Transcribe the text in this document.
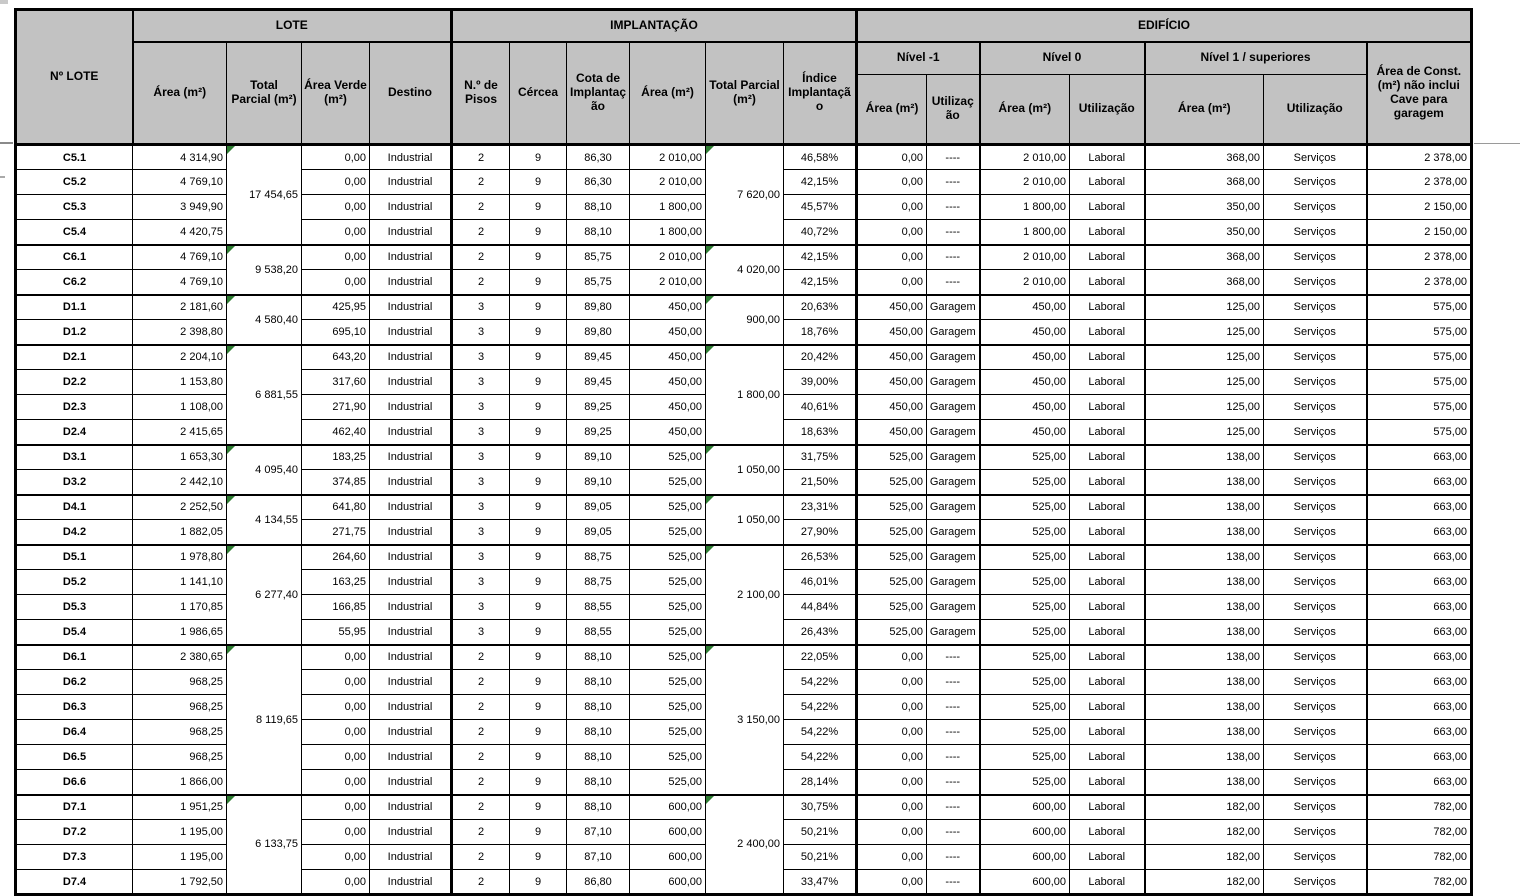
Nº LOTE	LOTE				IMPLANTAÇÃO						EDIFÍCIO						
	Área (m²)	Total Parcial (m²)	Área Verde (m²)	Destino	N.º de Pisos	Cércea	Cota de Implantação	Área (m²)	Total Parcial (m²)	Índice Implantação	Nível -1		Nível 0		Nível 1 / superiores		Área de Const. (m²) não inclui Cave para garagem
											Área (m²)	Utilização	Área (m²)	Utilização	Área (m²)	Utilização	
C5.1	4 314,90	17 454,65	0,00	Industrial	2	9	86,30	2 010,00	7 620,00	46,58%	0,00	----	2 010,00	Laboral	368,00	Serviços	2 378,00
C5.2	4 769,10		0,00	Industrial	2	9	86,30	2 010,00		42,15%	0,00	----	2 010,00	Laboral	368,00	Serviços	2 378,00
C5.3	3 949,90		0,00	Industrial	2	9	88,10	1 800,00		45,57%	0,00	----	1 800,00	Laboral	350,00	Serviços	2 150,00
C5.4	4 420,75		0,00	Industrial	2	9	88,10	1 800,00		40,72%	0,00	----	1 800,00	Laboral	350,00	Serviços	2 150,00
C6.1	4 769,10	9 538,20	0,00	Industrial	2	9	85,75	2 010,00	4 020,00	42,15%	0,00	----	2 010,00	Laboral	368,00	Serviços	2 378,00
C6.2	4 769,10		0,00	Industrial	2	9	85,75	2 010,00		42,15%	0,00	----	2 010,00	Laboral	368,00	Serviços	2 378,00
D1.1	2 181,60	4 580,40	425,95	Industrial	3	9	89,80	450,00	900,00	20,63%	450,00	Garagem	450,00	Laboral	125,00	Serviços	575,00
D1.2	2 398,80		695,10	Industrial	3	9	89,80	450,00		18,76%	450,00	Garagem	450,00	Laboral	125,00	Serviços	575,00
D2.1	2 204,10	6 881,55	643,20	Industrial	3	9	89,45	450,00	1 800,00	20,42%	450,00	Garagem	450,00	Laboral	125,00	Serviços	575,00
D2.2	1 153,80		317,60	Industrial	3	9	89,45	450,00		39,00%	450,00	Garagem	450,00	Laboral	125,00	Serviços	575,00
D2.3	1 108,00		271,90	Industrial	3	9	89,25	450,00		40,61%	450,00	Garagem	450,00	Laboral	125,00	Serviços	575,00
D2.4	2 415,65		462,40	Industrial	3	9	89,25	450,00		18,63%	450,00	Garagem	450,00	Laboral	125,00	Serviços	575,00
D3.1	1 653,30	4 095,40	183,25	Industrial	3	9	89,10	525,00	1 050,00	31,75%	525,00	Garagem	525,00	Laboral	138,00	Serviços	663,00
D3.2	2 442,10		374,85	Industrial	3	9	89,10	525,00		21,50%	525,00	Garagem	525,00	Laboral	138,00	Serviços	663,00
D4.1	2 252,50	4 134,55	641,80	Industrial	3	9	89,05	525,00	1 050,00	23,31%	525,00	Garagem	525,00	Laboral	138,00	Serviços	663,00
D4.2	1 882,05		271,75	Industrial	3	9	89,05	525,00		27,90%	525,00	Garagem	525,00	Laboral	138,00	Serviços	663,00
D5.1	1 978,80	6 277,40	264,60	Industrial	3	9	88,75	525,00	2 100,00	26,53%	525,00	Garagem	525,00	Laboral	138,00	Serviços	663,00
D5.2	1 141,10		163,25	Industrial	3	9	88,75	525,00		46,01%	525,00	Garagem	525,00	Laboral	138,00	Serviços	663,00
D5.3	1 170,85		166,85	Industrial	3	9	88,55	525,00		44,84%	525,00	Garagem	525,00	Laboral	138,00	Serviços	663,00
D5.4	1 986,65		55,95	Industrial	3	9	88,55	525,00		26,43%	525,00	Garagem	525,00	Laboral	138,00	Serviços	663,00
D6.1	2 380,65	8 119,65	0,00	Industrial	2	9	88,10	525,00	3 150,00	22,05%	0,00	----	525,00	Laboral	138,00	Serviços	663,00
D6.2	968,25		0,00	Industrial	2	9	88,10	525,00		54,22%	0,00	----	525,00	Laboral	138,00	Serviços	663,00
D6.3	968,25		0,00	Industrial	2	9	88,10	525,00		54,22%	0,00	----	525,00	Laboral	138,00	Serviços	663,00
D6.4	968,25		0,00	Industrial	2	9	88,10	525,00		54,22%	0,00	----	525,00	Laboral	138,00	Serviços	663,00
D6.5	968,25		0,00	Industrial	2	9	88,10	525,00		54,22%	0,00	----	525,00	Laboral	138,00	Serviços	663,00
D6.6	1 866,00		0,00	Industrial	2	9	88,10	525,00		28,14%	0,00	----	525,00	Laboral	138,00	Serviços	663,00
D7.1	1 951,25	6 133,75	0,00	Industrial	2	9	88,10	600,00	2 400,00	30,75%	0,00	----	600,00	Laboral	182,00	Serviços	782,00
D7.2	1 195,00		0,00	Industrial	2	9	87,10	600,00		50,21%	0,00	----	600,00	Laboral	182,00	Serviços	782,00
D7.3	1 195,00		0,00	Industrial	2	9	87,10	600,00		50,21%	0,00	----	600,00	Laboral	182,00	Serviços	782,00
D7.4	1 792,50		0,00	Industrial	2	9	86,80	600,00		33,47%	0,00	----	600,00	Laboral	182,00	Serviços	782,00
